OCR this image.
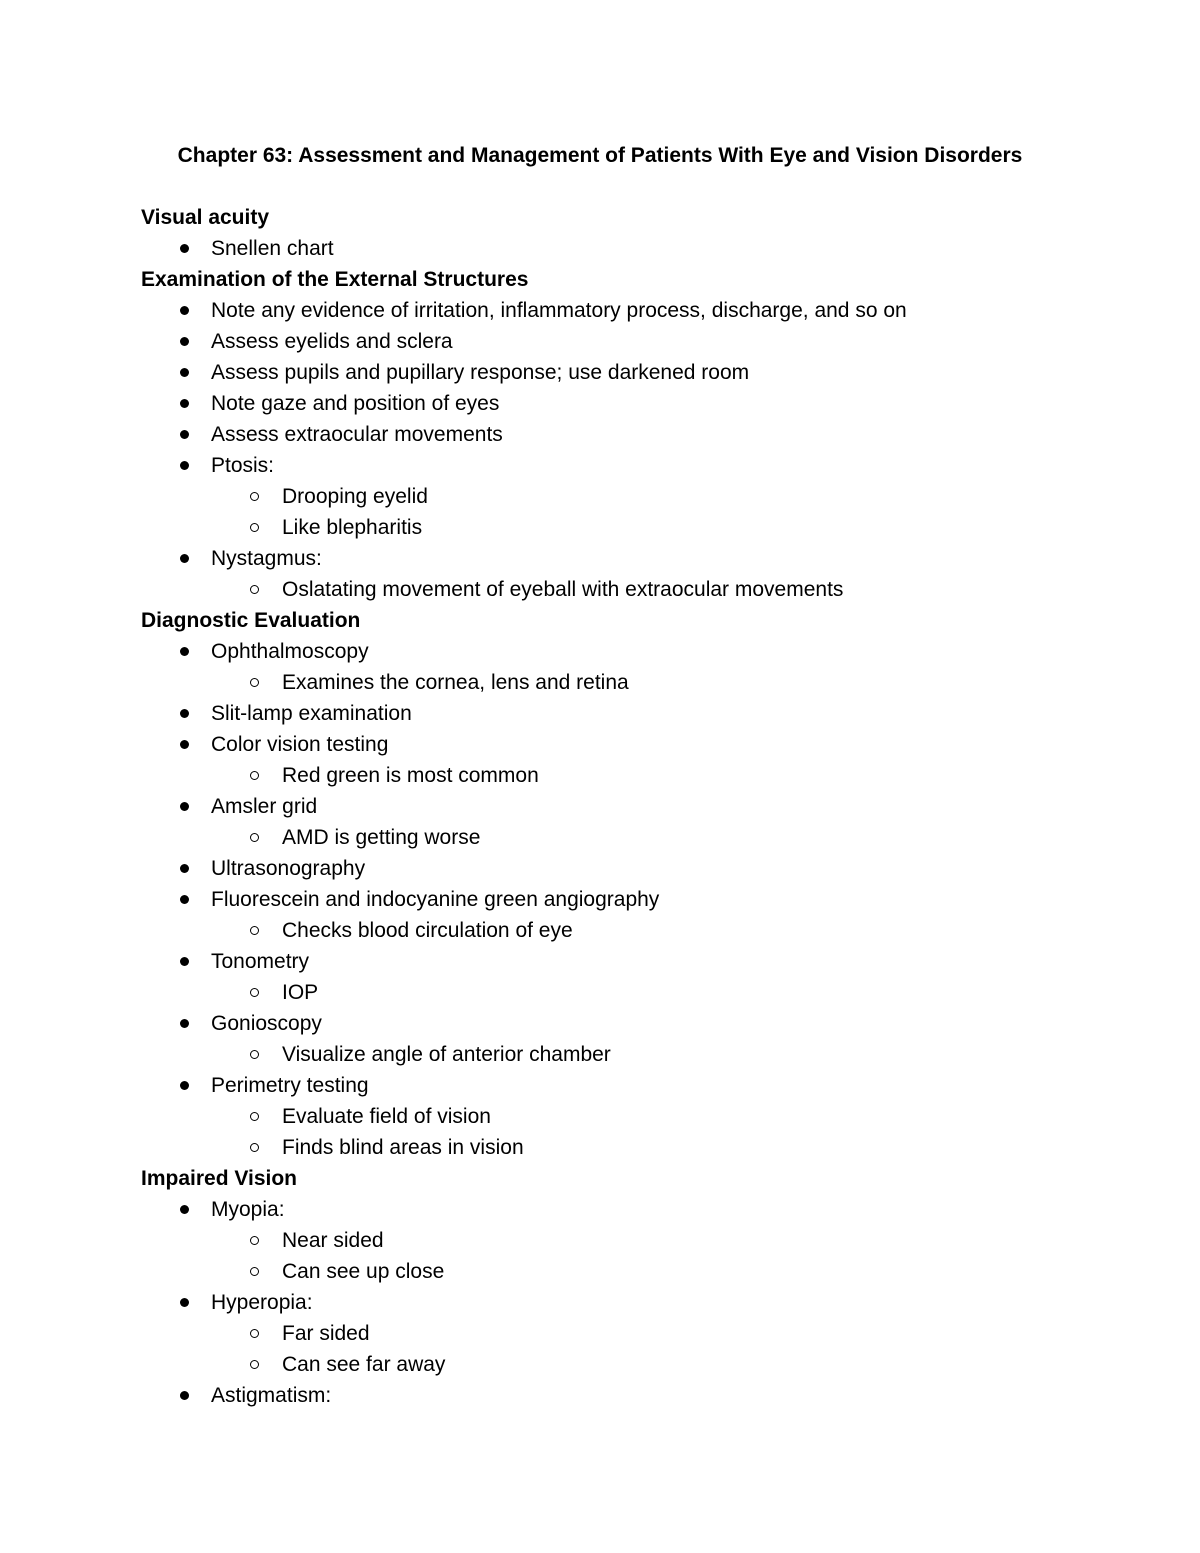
Chapter 63: Assessment and Management of Patients With Eye and Vision Disorders
Visual acuity
Snellen chart
Examination of the External Structures
Note any evidence of irritation, inflammatory process, discharge, and so on
Assess eyelids and sclera
Assess pupils and pupillary response; use darkened room
Note gaze and position of eyes
Assess extraocular movements
Ptosis:
Drooping eyelid
Like blepharitis
Nystagmus:
Oslatating movement of eyeball with extraocular movements
Diagnostic Evaluation
Ophthalmoscopy
Examines the cornea, lens and retina
Slit-lamp examination
Color vision testing
Red green is most common
Amsler grid
AMD is getting worse
Ultrasonography
Fluorescein and indocyanine green angiography
Checks blood circulation of eye
Tonometry
IOP
Gonioscopy
Visualize angle of anterior chamber
Perimetry testing
Evaluate field of vision
Finds blind areas in vision
Impaired Vision
Myopia:
Near sided
Can see up close
Hyperopia:
Far sided
Can see far away
Astigmatism:
